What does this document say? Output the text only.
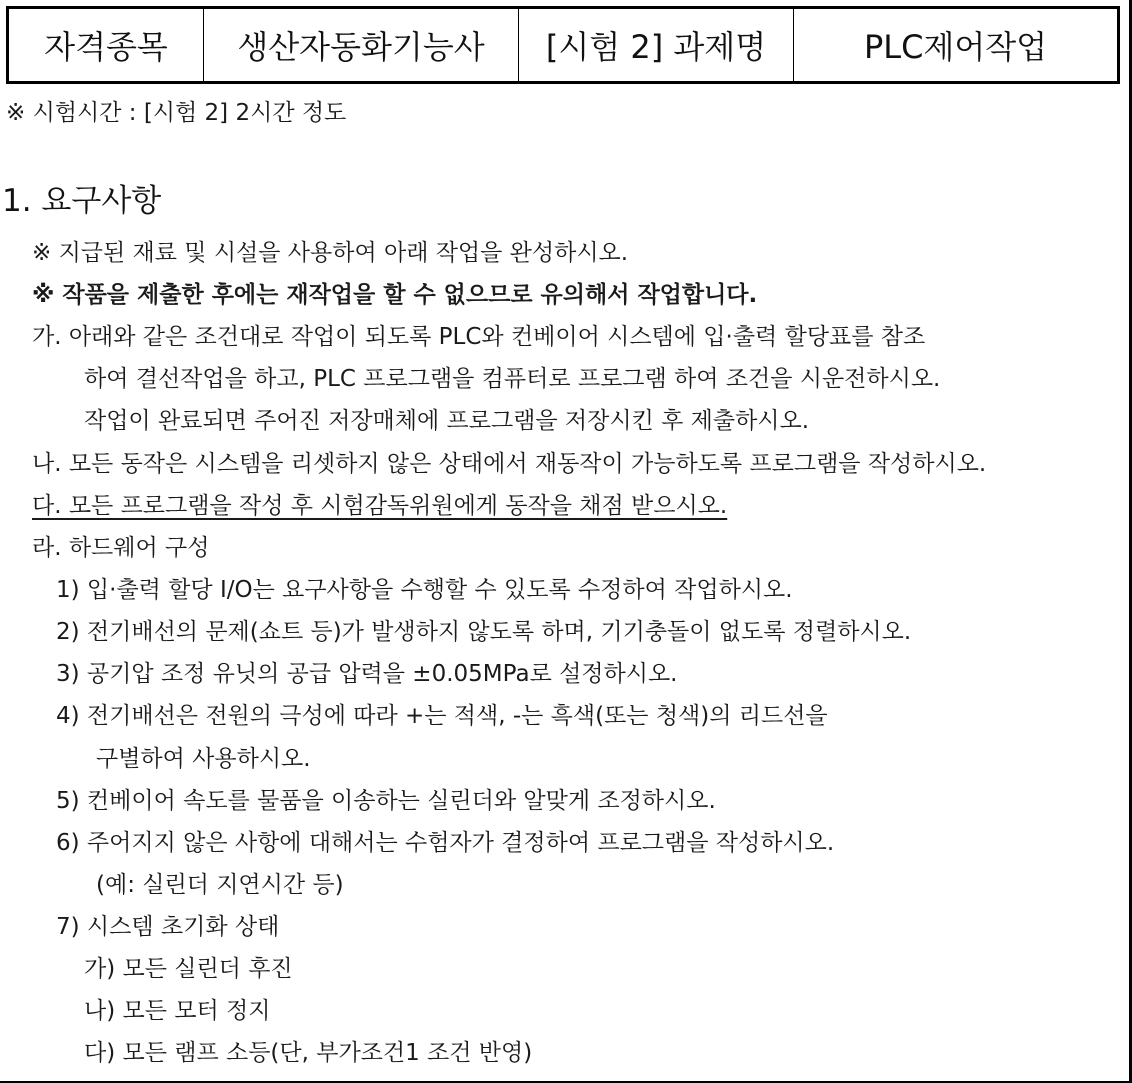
자격종목	생산자동화기능사	[시험 2] 과제명	PLC제어작업
※ 시험시간 : [시험 2] 2시간 정도
1. 요구사항
※ 지급된 재료 및 시설을 사용하여 아래 작업을 완성하시오.
※ 작품을 제출한 후에는 재작업을 할 수 없으므로 유의해서 작업합니다.
가. 아래와 같은 조건대로 작업이 되도록 PLC와 컨베이어 시스템에 입·출력 할당표를 참조
하여 결선작업을 하고, PLC 프로그램을 컴퓨터로 프로그램 하여 조건을 시운전하시오.
작업이 완료되면 주어진 저장매체에 프로그램을 저장시킨 후 제출하시오.
나. 모든 동작은 시스템을 리셋하지 않은 상태에서 재동작이 가능하도록 프로그램을 작성하시오.
다. 모든 프로그램을 작성 후 시험감독위원에게 동작을 채점 받으시오.
라. 하드웨어 구성
1) 입·출력 할당 I/O는 요구사항을 수행할 수 있도록 수정하여 작업하시오.
2) 전기배선의 문제(쇼트 등)가 발생하지 않도록 하며, 기기충돌이 없도록 정렬하시오.
3) 공기압 조정 유닛의 공급 압력을 ±0.05MPa로 설정하시오.
4) 전기배선은 전원의 극성에 따라 +는 적색, -는 흑색(또는 청색)의 리드선을
구별하여 사용하시오.
5) 컨베이어 속도를 물품을 이송하는 실린더와 알맞게 조정하시오.
6) 주어지지 않은 사항에 대해서는 수험자가 결정하여 프로그램을 작성하시오.
(예: 실린더 지연시간 등)
7) 시스템 초기화 상태
가) 모든 실린더 후진
나) 모든 모터 정지
다) 모든 램프 소등(단, 부가조건1 조건 반영)
